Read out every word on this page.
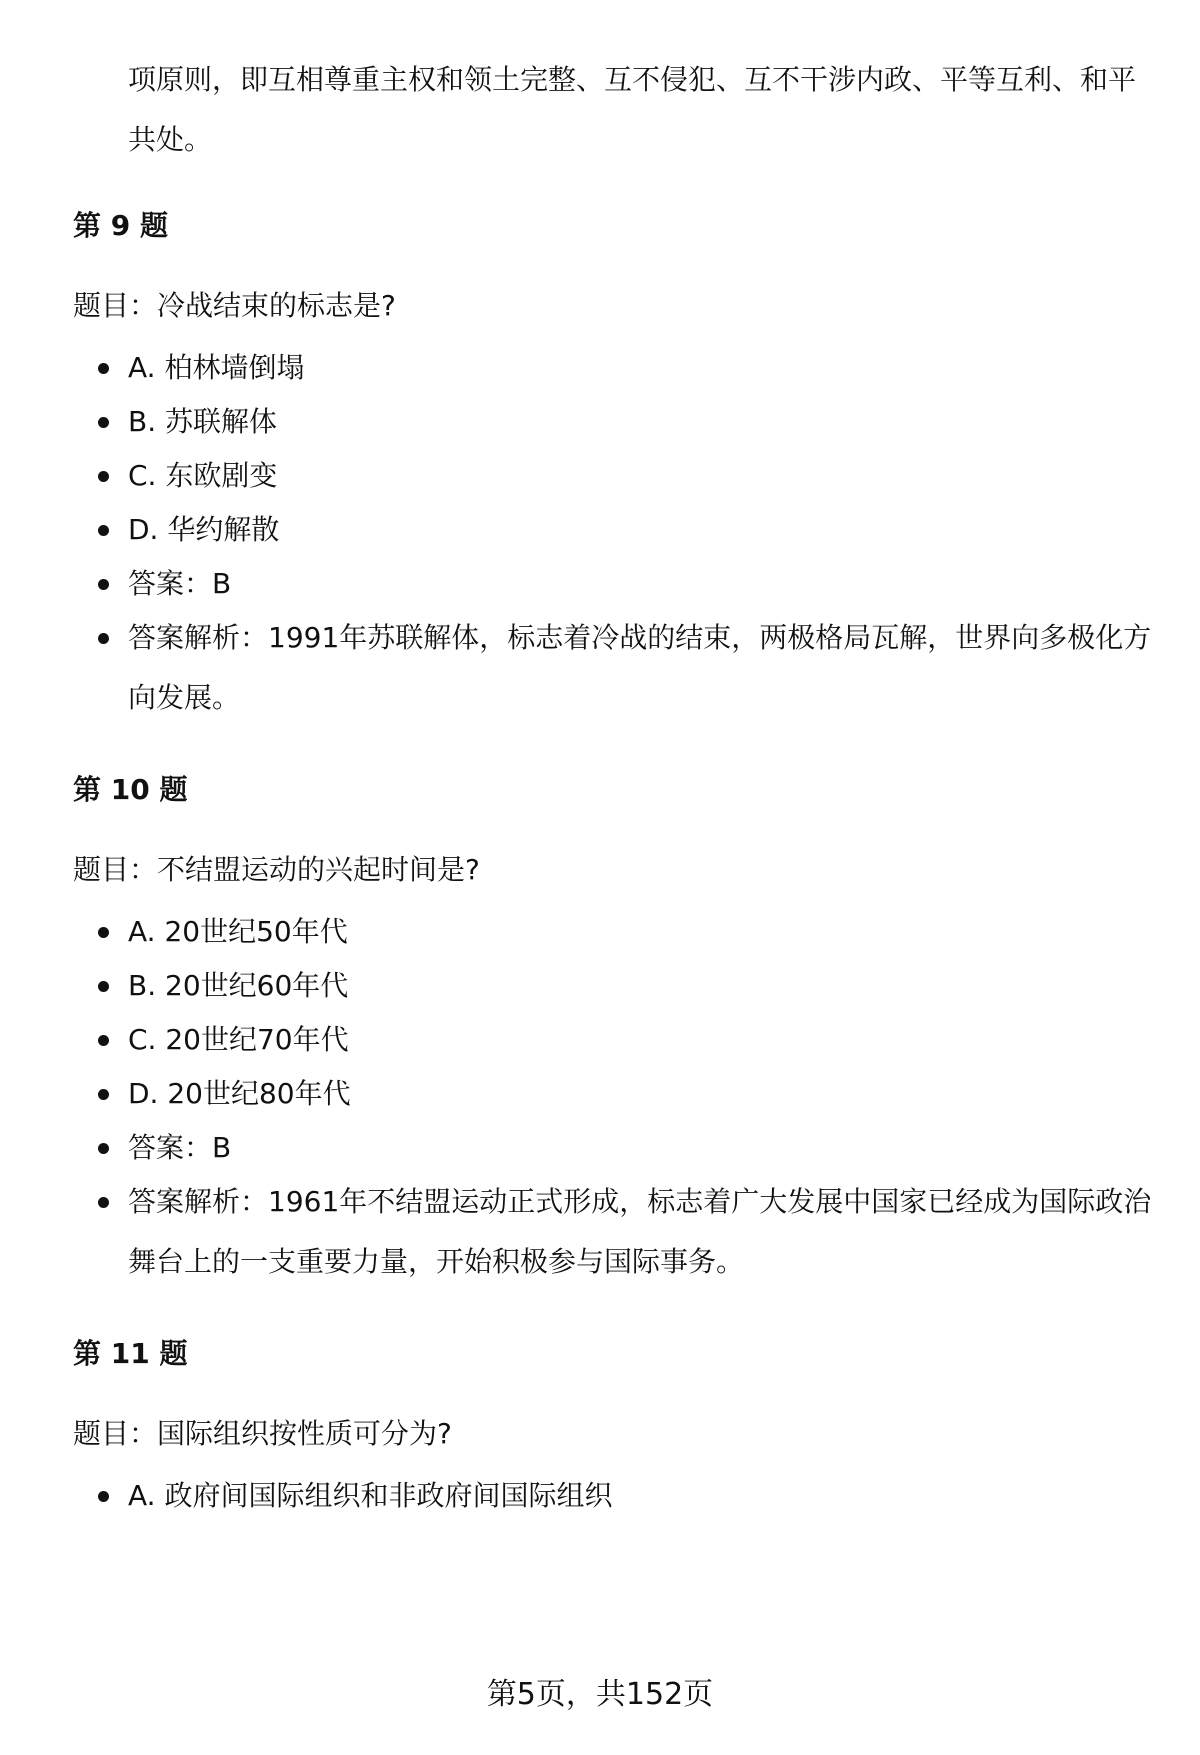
项原则，即互相尊重主权和领土完整、互不侵犯、互不干涉内政、平等互利、和平共处。
第 9 题
题目：冷战结束的标志是?
A. 柏林墙倒塌
B. 苏联解体
C. 东欧剧变
D. 华约解散
答案：B
答案解析：1991年苏联解体，标志着冷战的结束，两极格局瓦解，世界向多极化方向发展。
第 10 题
题目：不结盟运动的兴起时间是?
A. 20世纪50年代
B. 20世纪60年代
C. 20世纪70年代
D. 20世纪80年代
答案：B
答案解析：1961年不结盟运动正式形成，标志着广大发展中国家已经成为国际政治舞台上的一支重要力量，开始积极参与国际事务。
第 11 题
题目：国际组织按性质可分为?
A. 政府间国际组织和非政府间国际组织
第5页，共152页
